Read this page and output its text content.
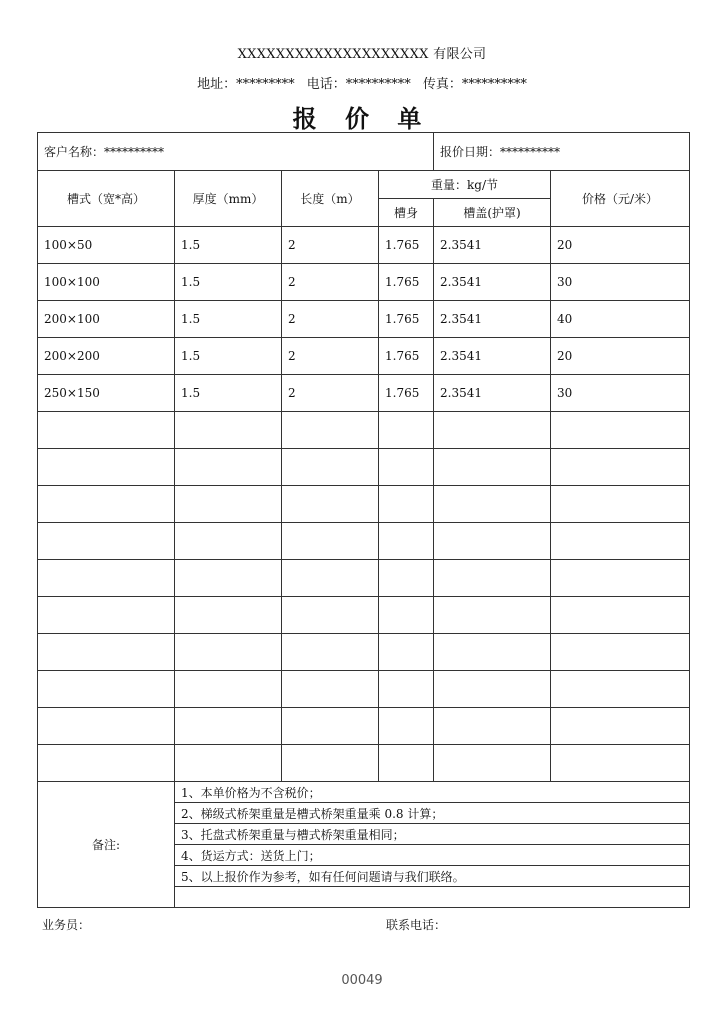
XXXXXXXXXXXXXXXXXXXX 有限公司
地址：********* 电话：********** 传真：**********
报 价 单
客户名称：**********				报价日期：**********	
槽式（宽*高）	厚度（mm）	长度（m）	重量：kg/节		价格（元/米）
			槽身	槽盖(护罩)	
100×50	1.5	2	1.765	2.3541	20
100×100	1.5	2	1.765	2.3541	30
200×100	1.5	2	1.765	2.3541	40
200×200	1.5	2	1.765	2.3541	20
250×150	1.5	2	1.765	2.3541	30

备注:	1、本单价格为不含税价；				
	2、梯级式桥架重量是槽式桥架重量乘 0.8 计算；				
	3、托盘式桥架重量与槽式桥架重量相同；				
	4、货运方式：送货上门；				
	5、以上报价作为参考，如有任何问题请与我们联络。				

业务员：	联系电话：
00049
